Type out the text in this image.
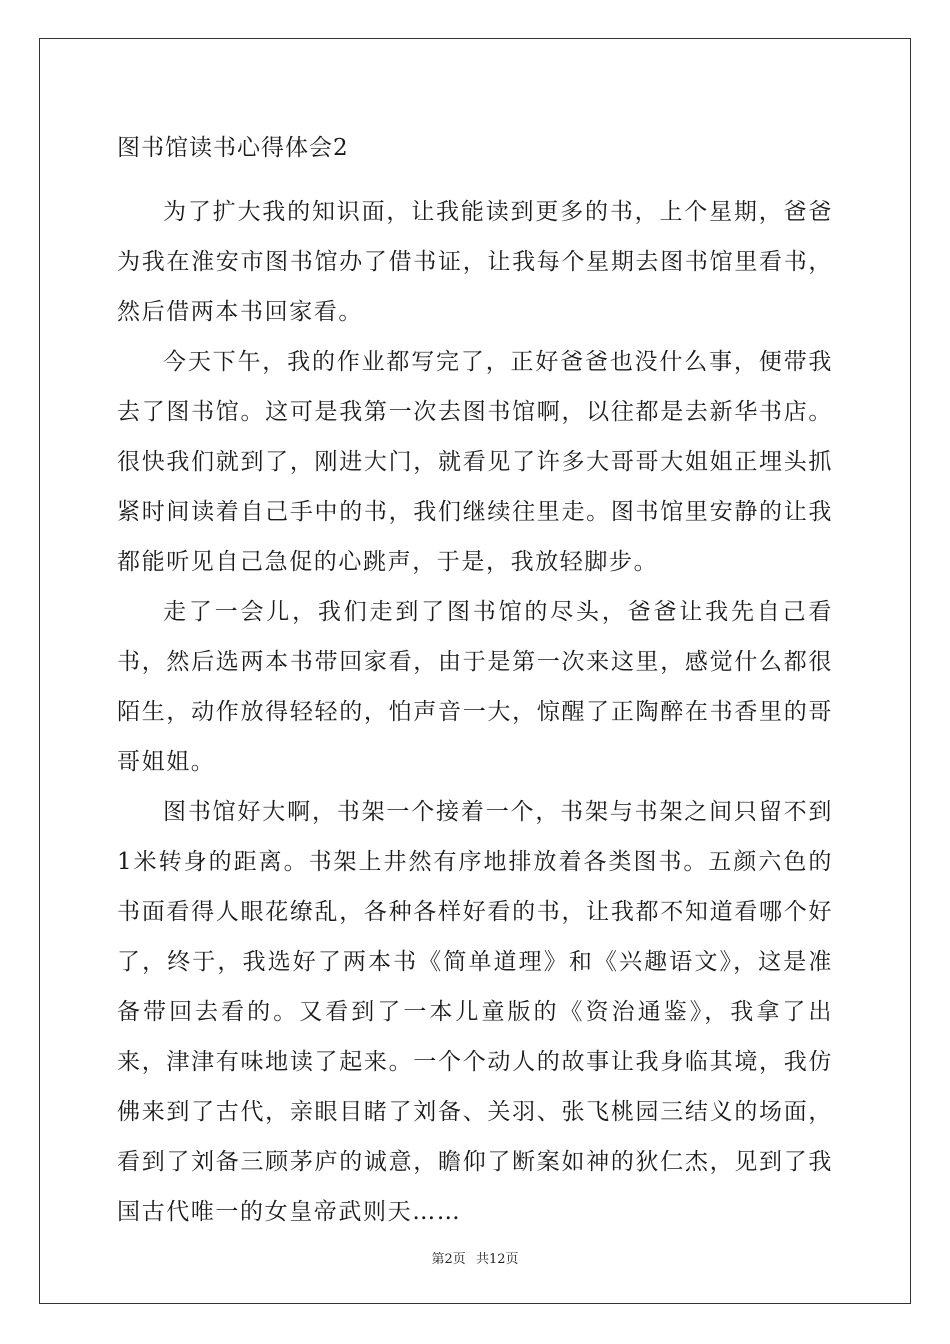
图书馆读书心得体会2

为了扩大我的知识面，让我能读到更多的书，上个星期，爸爸为我在淮安市图书馆办了借书证，让我每个星期去图书馆里看书，然后借两本书回家看。

今天下午，我的作业都写完了，正好爸爸也没什么事，便带我去了图书馆。这可是我第一次去图书馆啊，以往都是去新华书店。很快我们就到了，刚进大门，就看见了许多大哥哥大姐姐正埋头抓紧时间读着自己手中的书，我们继续往里走。图书馆里安静的让我都能听见自己急促的心跳声，于是，我放轻脚步。

走了一会儿，我们走到了图书馆的尽头，爸爸让我先自己看书，然后选两本书带回家看，由于是第一次来这里，感觉什么都很陌生，动作放得轻轻的，怕声音一大，惊醒了正陶醉在书香里的哥哥姐姐。

图书馆好大啊，书架一个接着一个，书架与书架之间只留不到1米转身的距离。书架上井然有序地排放着各类图书。五颜六色的书面看得人眼花缭乱，各种各样好看的书，让我都不知道看哪个好了，终于，我选好了两本书《简单道理》和《兴趣语文》，这是准备带回去看的。又看到了一本儿童版的《资治通鉴》，我拿了出来，津津有味地读了起来。一个个动人的故事让我身临其境，我仿佛来到了古代，亲眼目睹了刘备、关羽、张飞桃园三结义的场面，看到了刘备三顾茅庐的诚意，瞻仰了断案如神的狄仁杰，见到了我国古代唯一的女皇帝武则天……

第2页 共12页
